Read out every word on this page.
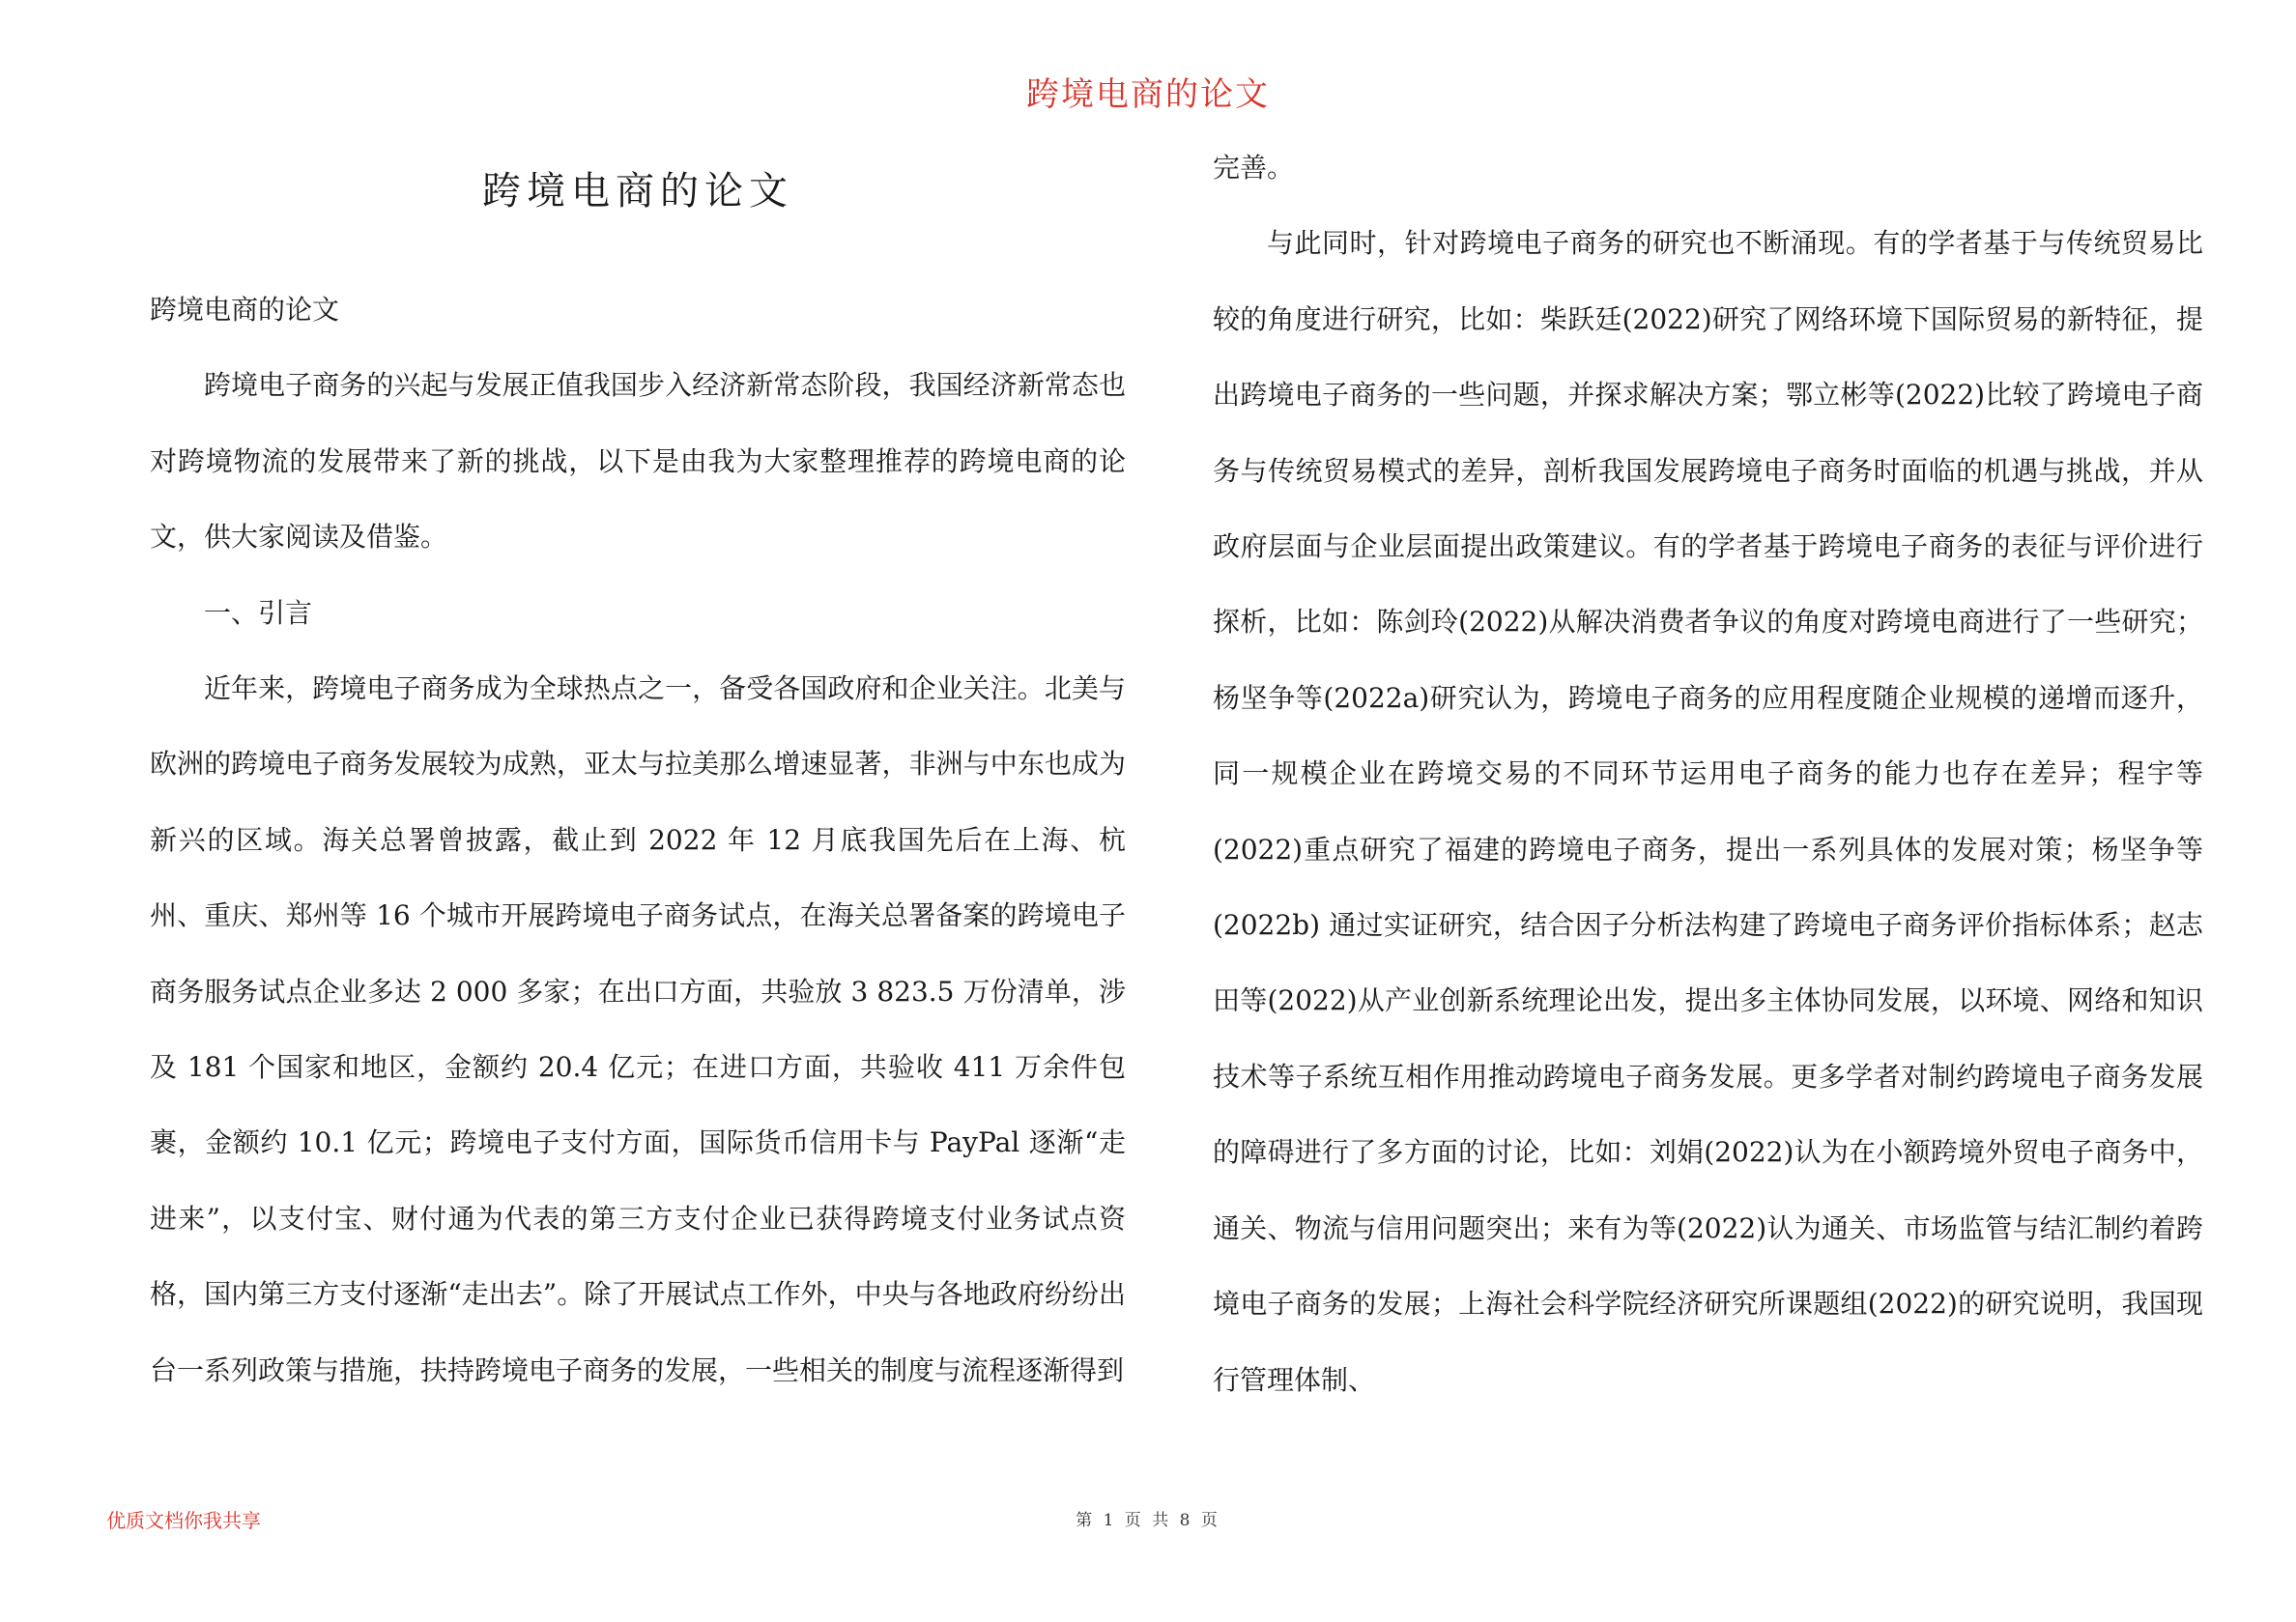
跨境电商的论文
跨境电商的论文

跨境电商的论文

跨境电子商务的兴起与发展正值我国步入经济新常态阶段，我国经济新常态也对跨境物流的发展带来了新的挑战，以下是由我为大家整理推荐的跨境电商的论文，供大家阅读及借鉴。

一、引言

近年来，跨境电子商务成为全球热点之一，备受各国政府和企业关注。北美与欧洲的跨境电子商务发展较为成熟，亚太与拉美那么增速显著，非洲与中东也成为新兴的区域。海关总署曾披露，截止到 2022 年 12 月底我国先后在上海、杭州、重庆、郑州等 16 个城市开展跨境电子商务试点，在海关总署备案的跨境电子商务服务试点企业多达 2 000 多家；在出口方面，共验放 3 823.5 万份清单，涉及 181 个国家和地区，金额约 20.4 亿元；在进口方面，共验收 411 万余件包裹，金额约 10.1 亿元；跨境电子支付方面，国际货币信用卡与 PayPal 逐渐“走进来”，以支付宝、财付通为代表的第三方支付企业已获得跨境支付业务试点资格，国内第三方支付逐渐“走出去”。除了开展试点工作外，中央与各地政府纷纷出台一系列政策与措施，扶持跨境电子商务的发展，一些相关的制度与流程逐渐得到

完善。

与此同时，针对跨境电子商务的研究也不断涌现。有的学者基于与传统贸易比较的角度进行研究，比如：柴跃廷(2022)研究了网络环境下国际贸易的新特征，提出跨境电子商务的一些问题，并探求解决方案；鄂立彬等(2022)比较了跨境电子商务与传统贸易模式的差异，剖析我国发展跨境电子商务时面临的机遇与挑战，并从政府层面与企业层面提出政策建议。有的学者基于跨境电子商务的表征与评价进行探析，比如：陈剑玲(2022)从解决消费者争议的角度对跨境电商进行了一些研究；杨坚争等(2022a)研究认为，跨境电子商务的应用程度随企业规模的递增而逐升，同一规模企业在跨境交易的不同环节运用电子商务的能力也存在差异；程宇等(2022)重点研究了福建的跨境电子商务，提出一系列具体的发展对策；杨坚争等(2022b) 通过实证研究，结合因子分析法构建了跨境电子商务评价指标体系；赵志田等(2022)从产业创新系统理论出发，提出多主体协同发展，以环境、网络和知识技术等子系统互相作用推动跨境电子商务发展。更多学者对制约跨境电子商务发展的障碍进行了多方面的讨论，比如：刘娟(2022)认为在小额跨境外贸电子商务中，通关、物流与信用问题突出；来有为等(2022)认为通关、市场监管与结汇制约着跨境电子商务的发展；上海社会科学院经济研究所课题组(2022)的研究说明，我国现行管理体制、

优质文档你我共享	第 1 页 共 8 页
